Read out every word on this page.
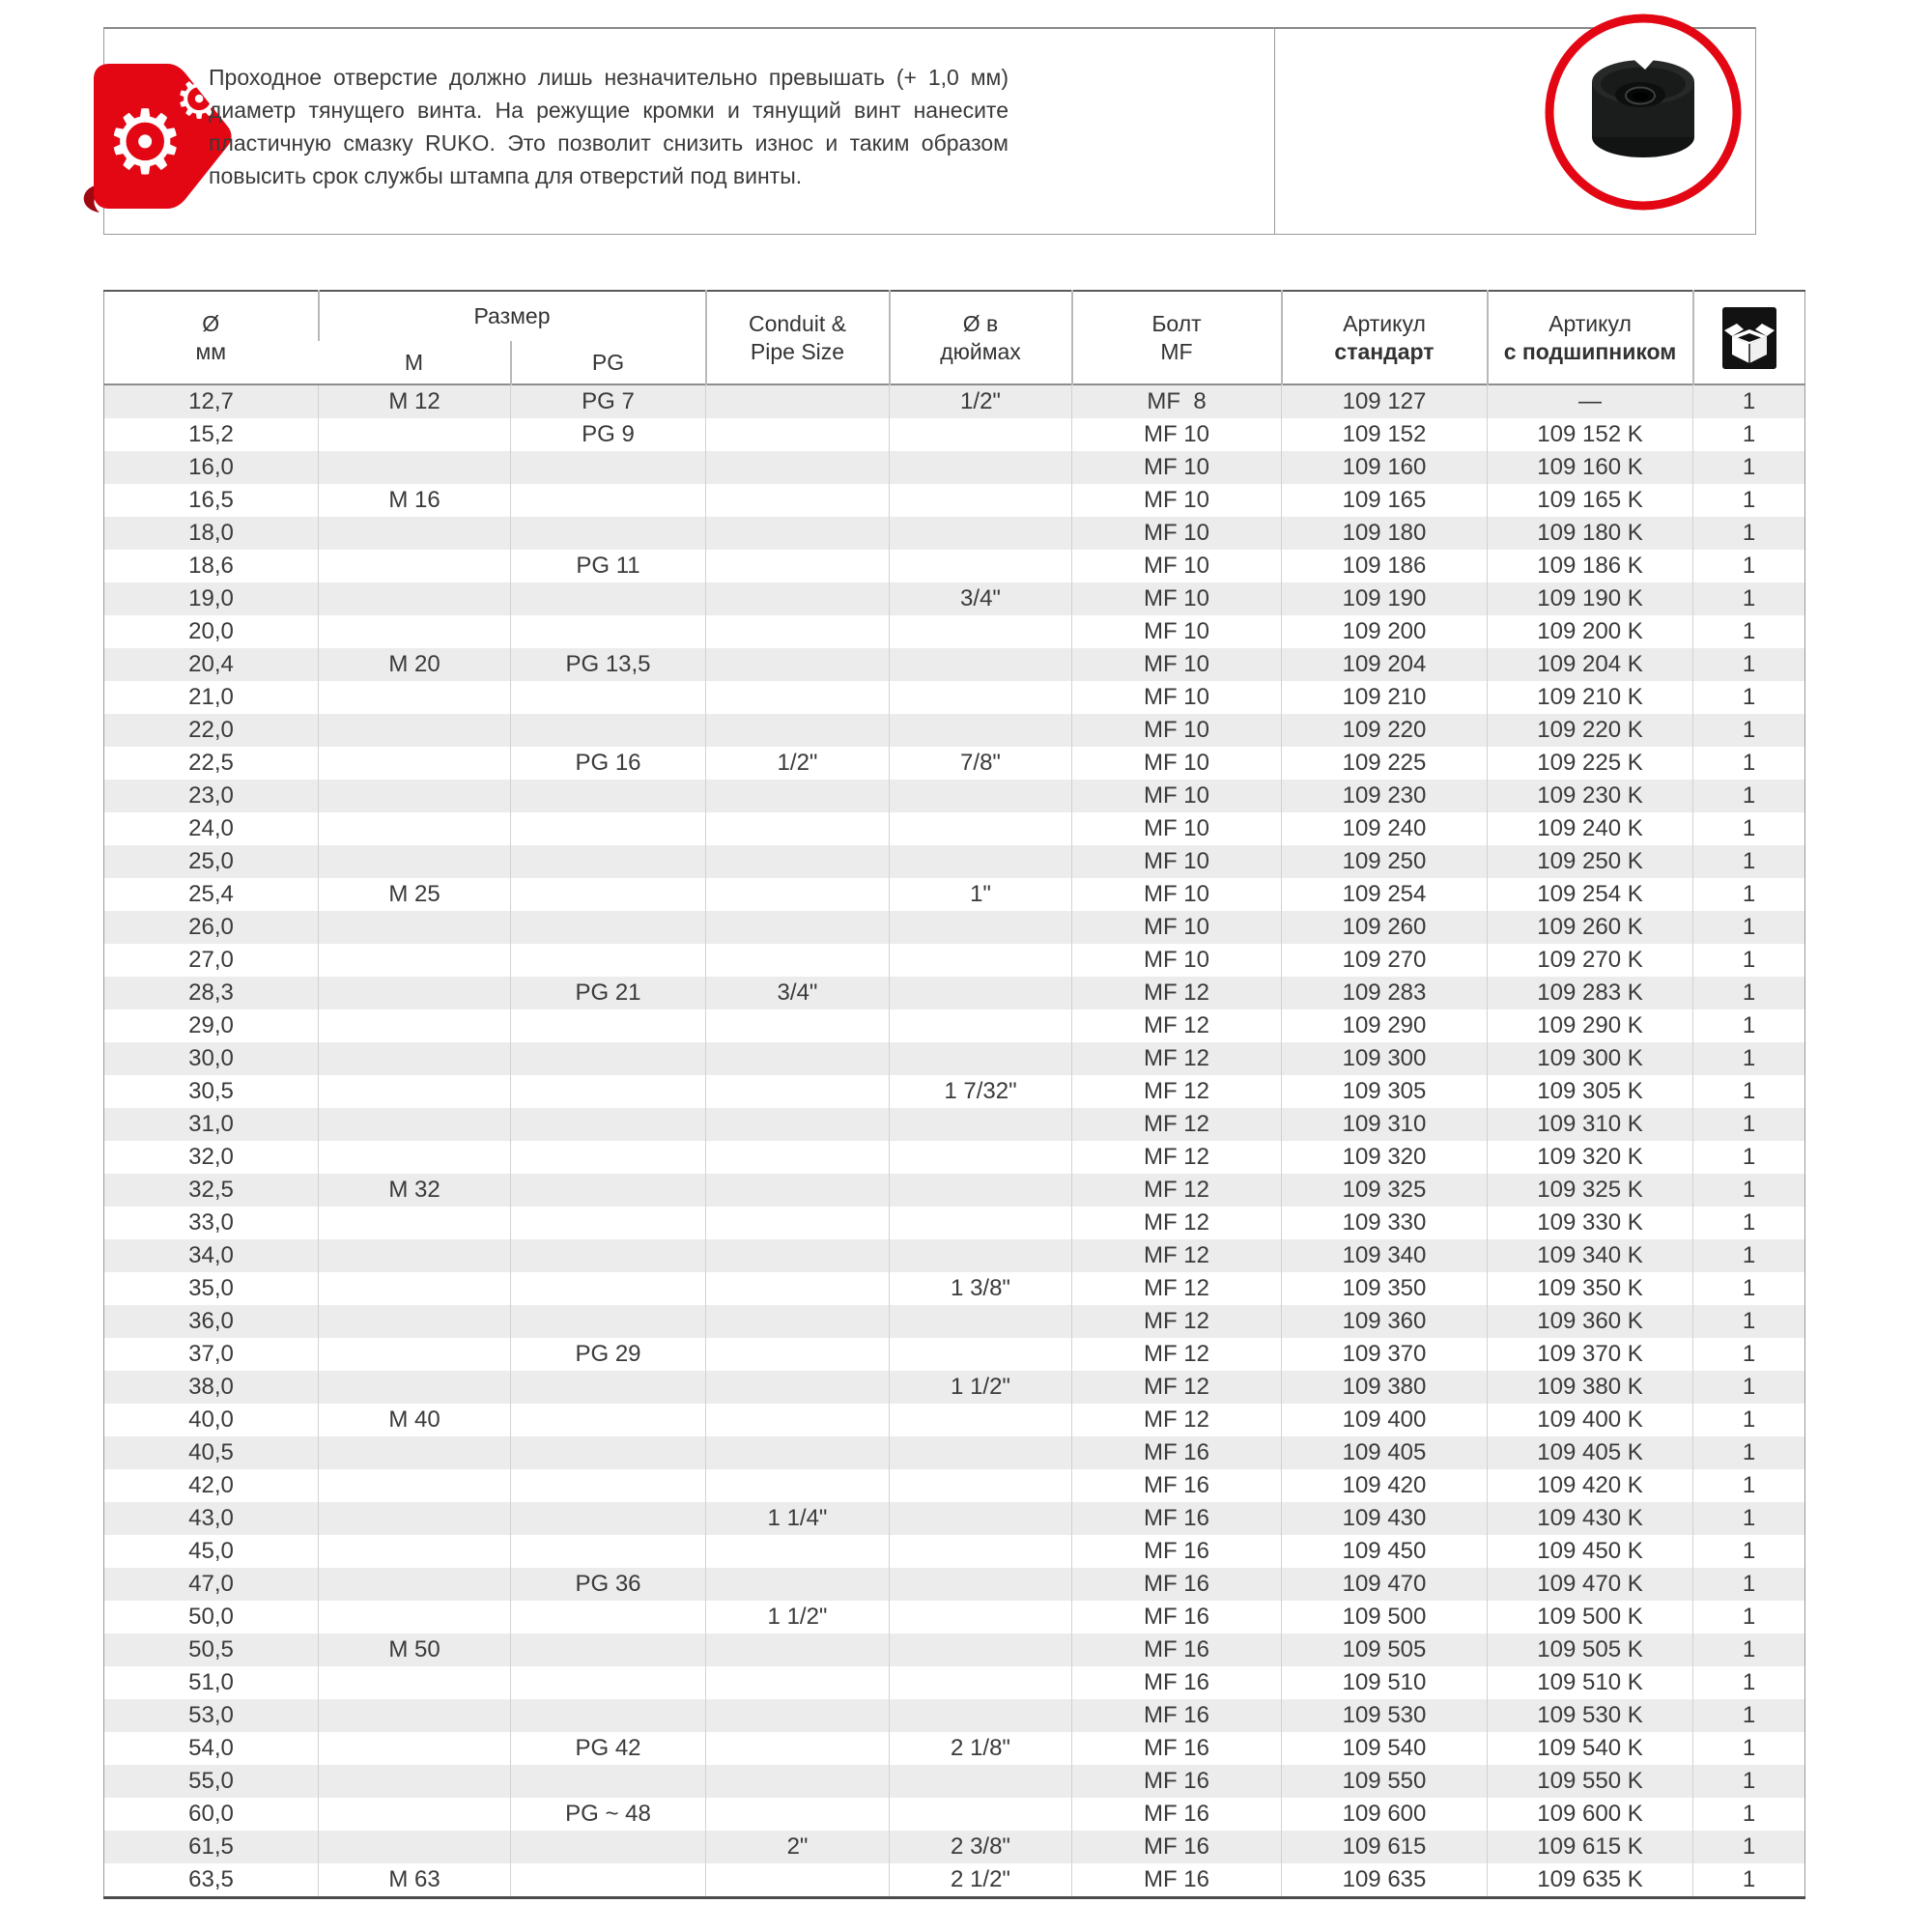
⚙
⚙
Проходное отверстие должно лишь незначительно превышать (+ 1,0 мм) диаметр тянущего винта. На режущие кромки и тянущий винт нанесите пластичную смазку RUKO. Это позволит снизить износ и таким образом повысить срок службы штампа для отверстий под винты.
Ø
мм	Размер		Conduit &
Pipe Size	Ø в
дюймах	Болт
MF	Артикул
стандарт	Артикул
с подшипником

	M	PG						
12,7	M 12	PG 7		1/2"	MF  8	109 127	—	1
15,2		PG 9			MF 10	109 152	109 152 K	1
16,0					MF 10	109 160	109 160 K	1
16,5	M 16				MF 10	109 165	109 165 K	1
18,0					MF 10	109 180	109 180 K	1
18,6		PG 11			MF 10	109 186	109 186 K	1
19,0				3/4"	MF 10	109 190	109 190 K	1
20,0					MF 10	109 200	109 200 K	1
20,4	M 20	PG 13,5			MF 10	109 204	109 204 K	1
21,0					MF 10	109 210	109 210 K	1
22,0					MF 10	109 220	109 220 K	1
22,5		PG 16	1/2"	7/8"	MF 10	109 225	109 225 K	1
23,0					MF 10	109 230	109 230 K	1
24,0					MF 10	109 240	109 240 K	1
25,0					MF 10	109 250	109 250 K	1
25,4	M 25			1"	MF 10	109 254	109 254 K	1
26,0					MF 10	109 260	109 260 K	1
27,0					MF 10	109 270	109 270 K	1
28,3		PG 21	3/4"		MF 12	109 283	109 283 K	1
29,0					MF 12	109 290	109 290 K	1
30,0					MF 12	109 300	109 300 K	1
30,5				1 7/32"	MF 12	109 305	109 305 K	1
31,0					MF 12	109 310	109 310 K	1
32,0					MF 12	109 320	109 320 K	1
32,5	M 32				MF 12	109 325	109 325 K	1
33,0					MF 12	109 330	109 330 K	1
34,0					MF 12	109 340	109 340 K	1
35,0				1 3/8"	MF 12	109 350	109 350 K	1
36,0					MF 12	109 360	109 360 K	1
37,0		PG 29			MF 12	109 370	109 370 K	1
38,0				1 1/2"	MF 12	109 380	109 380 K	1
40,0	M 40				MF 12	109 400	109 400 K	1
40,5					MF 16	109 405	109 405 K	1
42,0					MF 16	109 420	109 420 K	1
43,0			1 1/4"		MF 16	109 430	109 430 K	1
45,0					MF 16	109 450	109 450 K	1
47,0		PG 36			MF 16	109 470	109 470 K	1
50,0			1 1/2"		MF 16	109 500	109 500 K	1
50,5	M 50				MF 16	109 505	109 505 K	1
51,0					MF 16	109 510	109 510 K	1
53,0					MF 16	109 530	109 530 K	1
54,0		PG 42		2 1/8"	MF 16	109 540	109 540 K	1
55,0					MF 16	109 550	109 550 K	1
60,0		PG ~ 48			MF 16	109 600	109 600 K	1
61,5			2"	2 3/8"	MF 16	109 615	109 615 K	1
63,5	M 63			2 1/2"	MF 16	109 635	109 635 K	1
